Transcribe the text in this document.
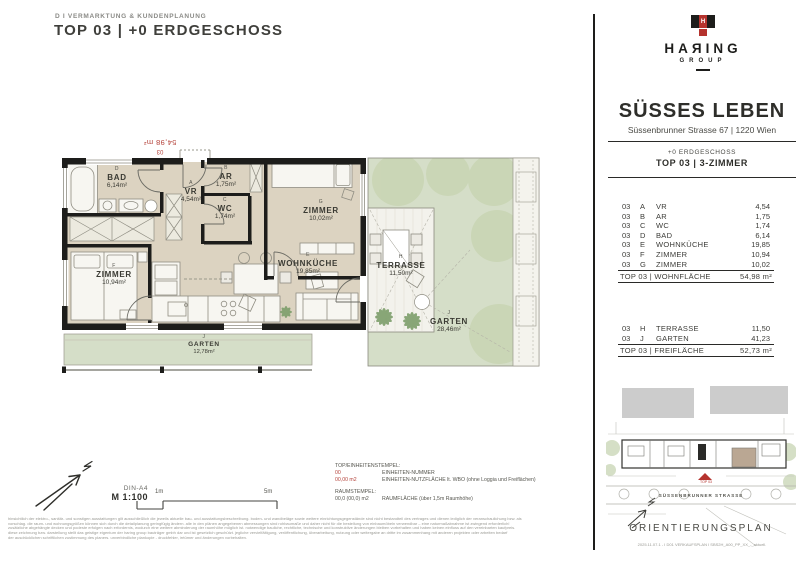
D I VERMARKTUNG & KUNDENPLANUNG
TOP 03 | +0 ERDGESCHOSS
D
BAD
6,14m²	A
VR
4,54m²
B
AR
1,75m²
C
WC
1,74m²
G
ZIMMER
10,02m²
F
ZIMMER
10,94m²
E
WOHNKÜCHE
19,85m²
H
TERRASSE
11,50m²
J
GARTEN
28,46m²
J
GARTEN
12,78m²
03
54,98 m²
H
HAЯING
GROUP
SÜSSES LEBEN
Süssenbrunner Strasse 67 | 1220 Wien
+0 ERDGESCHOSS
TOP 03 | 3-ZIMMER
03	A	VR	4,54
03	B	AR	1,75
03	C	WC	1,74
03	D	BAD	6,14
03	E	WOHNKÜCHE	19,85
03	F	ZIMMER	10,94
03	G	ZIMMER	10,02
TOP 03 | WOHNFLÄCHE	54,98 m²
03	H	TERRASSE	11,50
03	J	GARTEN	41,23
TOP 03 | FREIFLÄCHE	52,73 m²
TOP 03
SÜSSENBRUNNER STRASSE
ORIENTIERUNGSPLAN
2025.11.07.1 - I D01 VERKAUFSPLAN I SBS2H_A00_PP_XX_-_aktuell.
DIN-A4
M 1:100 1m	5m
TOP/EINHEITENSTEMPEL:
00	EINHEITEN-NUMMER
00,00 m2	EINHEITEN-NUTZFLÄCHE lt. WBO (ohne Loggia und Freiflächen)
RAUMSTEMPEL:
00,0 (00,0) m2	RAUMFLÄCHE (über 1,5m Raumhöhe)
hinsichtlich der elektro-, sanitär- und sonstigen ausstattungen gilt ausschließlich die jeweils aktuelle bau- und ausstattungsbeschreibung. boden- und wandbeläge sowie weitere einrichtungsgegenstände sind nicht bestandteil des vertrages und dienen lediglich der veranschaulichung bzw. als
vorschlag. die raum- und wohnungsgrößen können sich durch die detailplanung geringfügig ändern. alle in den plänen angegebenen abmessungen sind rohbaumaße und daher nicht für die bestellung von einbaumöbeln verwendbar – eine naturmaßabnahme ist zwingend erforderlich!
zusätzliche abgehängte decken und podeste erfolgen nach erfordernis, wodurch eine weitere abminderung der raumhöhe möglich ist. notwendige bauliche, rechtliche, technische und konstruktive änderungen bleiben vorbehalten und haben keinen einfluss auf den vereinbarten kaufpreis.
diese zeichnung bzw. darstellung stellt das geistige eigentum der haring group bauträger gmbh dar und ist gesetzlich geschützt. jegliche vervielfältigung, veröffentlichung, überarbeitung, nutzung oder weitergabe an dritte im zusammenhang mit anderen projekten oder arbeiten bedarf
der ausdrücklichen schriftlichen zustimmung des planers. unverbindliche plankopie - druckfehler, irrtümer und änderungen vorbehalten.
